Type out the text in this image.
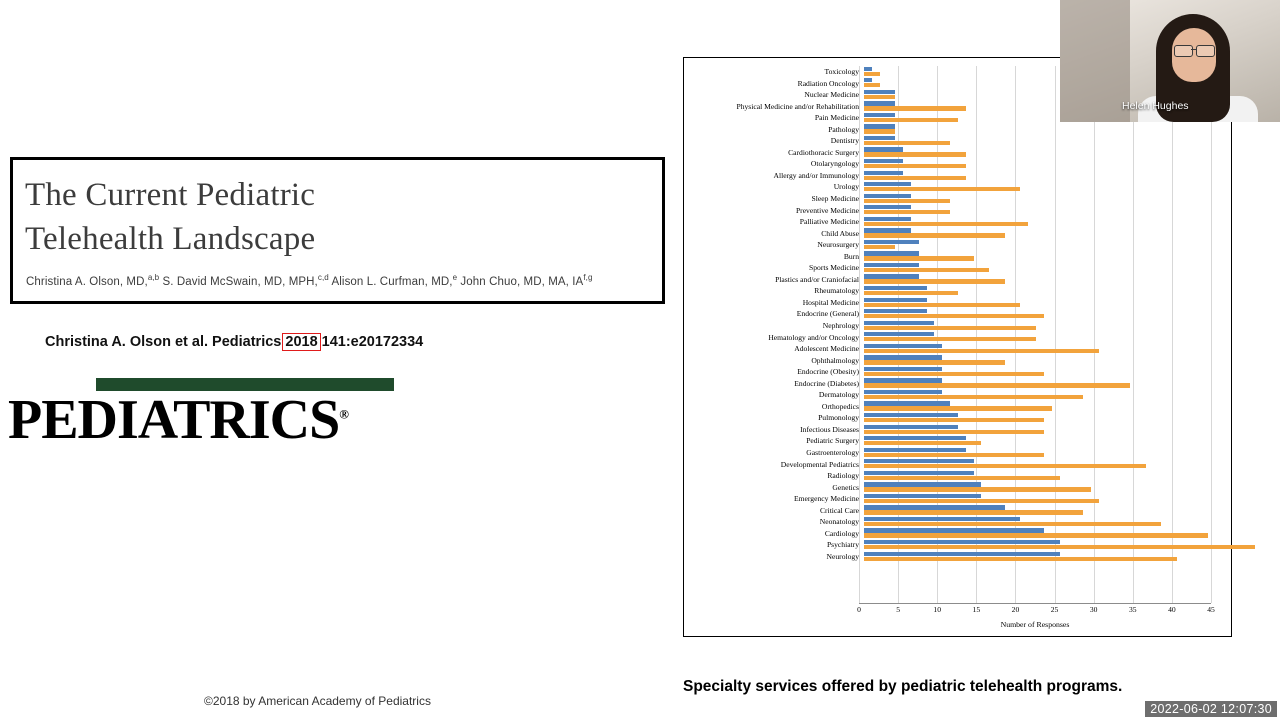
The Current Pediatric
Telehealth Landscape
Christina A. Olson, MD,$^{a,b}$ S. David McSwain, MD, MPH,$^{c,d}$ Alison L. Curfman, MD,$^e$ John Chuo, MD, MA, IA$^{f,g}$
Christina A. Olson et al. Pediatrics 2018 141:e20172334
PEDIATRICS®
©2018 by American Academy of Pediatrics
Toxicology
Radiation Oncology
Nuclear Medicine
Physical Medicine and/or Rehabilitation
Pain Medicine
Pathology
Dentistry
Cardiothoracic Surgery
Otolaryngology
Allergy and/or Immunology
Urology
Sleep Medicine
Preventive Medicine
Palliative Medicine
Child Abuse
Neurosurgery
Burn
Sports Medicine
Plastics and/or Craniofacial
Rheumatology
Hospital Medicine
Endocrine (General)
Nephrology
Hematology and/or Oncology
Adolescent Medicine
Ophthalmology
Endocrine (Obesity)
Endocrine (Diabetes)
Dermatology
Orthopedics
Pulmonology
Infectious Diseases
Pediatric Surgery
Gastroenterology
Developmental Pediatrics
Radiology
Genetics
Emergency Medicine
Critical Care
Neonatology
Cardiology
Psychiatry
Neurology
0	5	10	15	20	25	30	35	40	45
Number of Responses
Specialty services offered by pediatric telehealth programs.
Helen Hughes
2022-06-02 12:07:30
